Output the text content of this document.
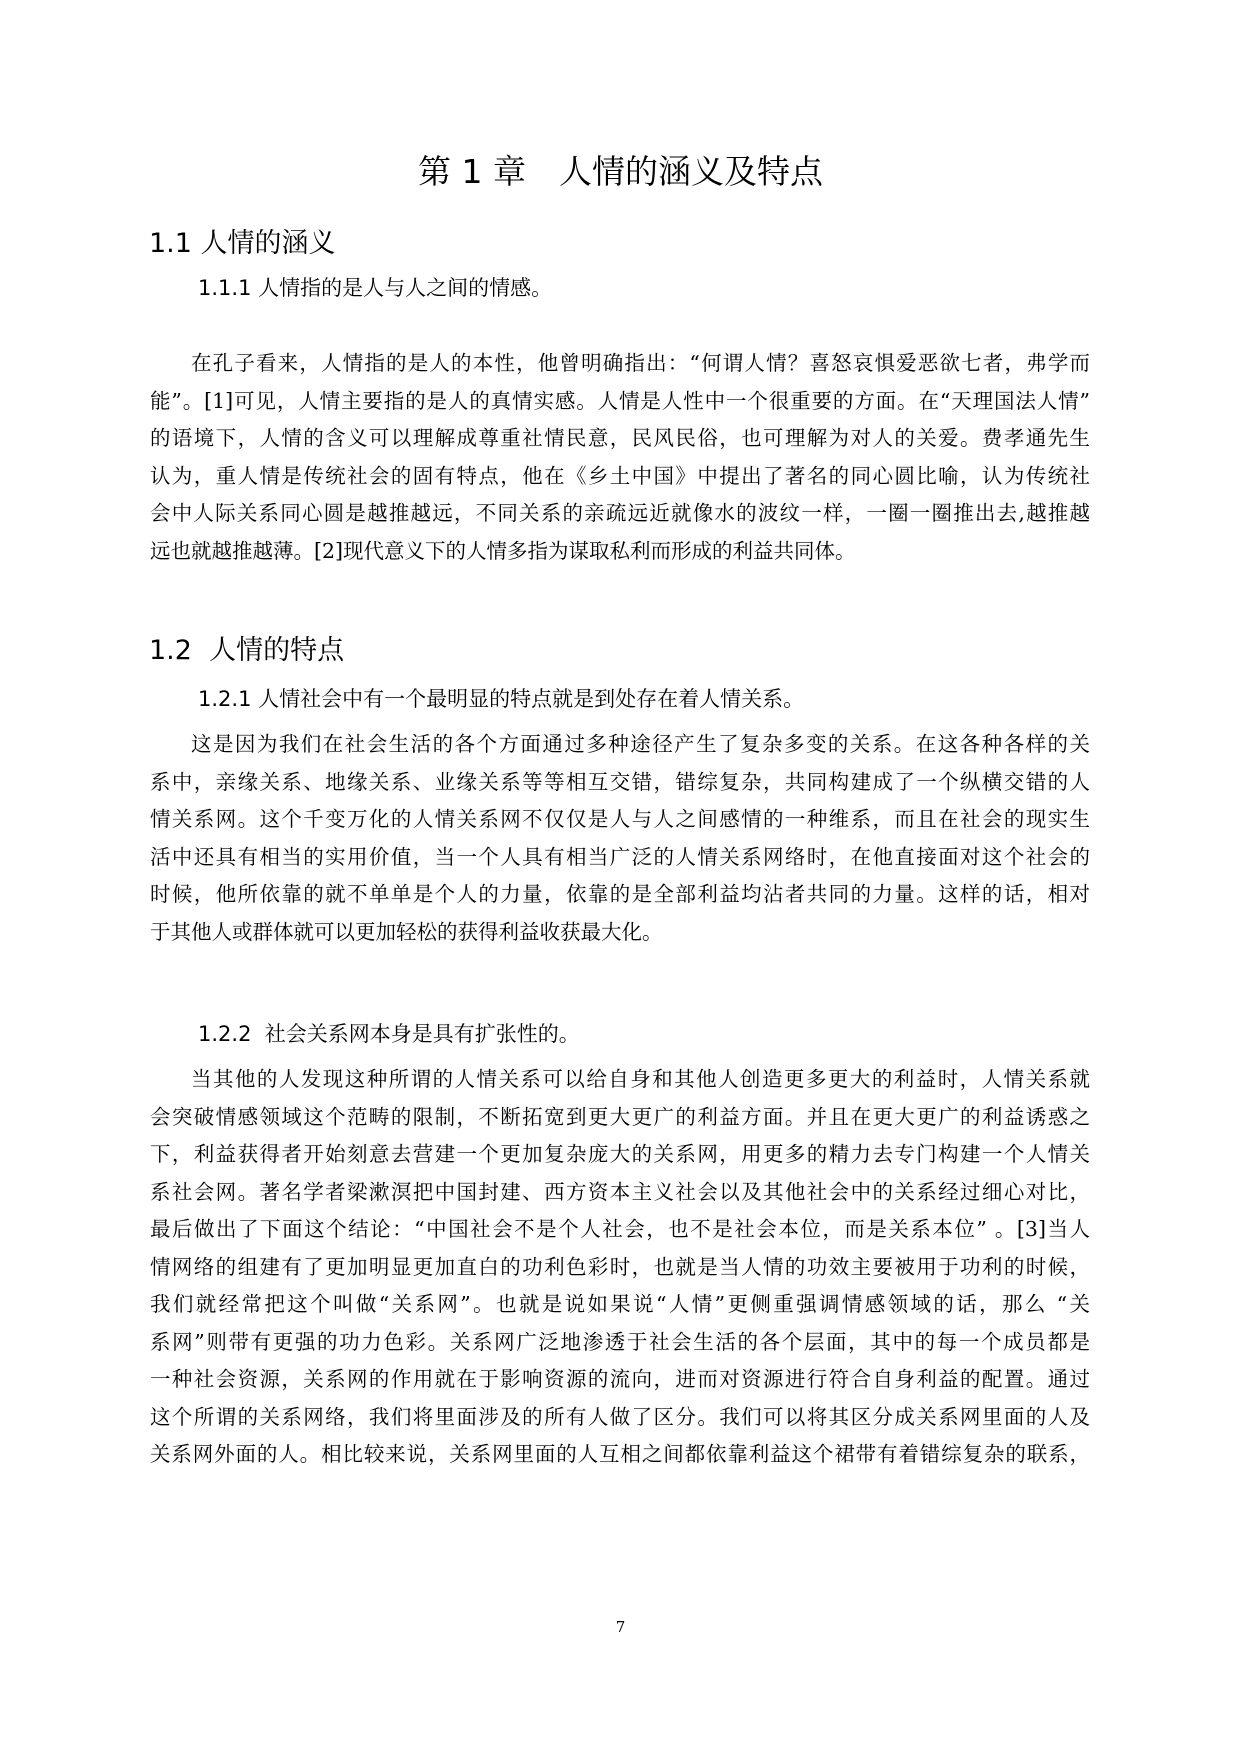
第 1 章　人情的涵义及特点
1.1 人情的涵义
1.1.1 人情指的是人与人之间的情感。
在孔子看来，人情指的是人的本性，他曾明确指出：“何谓人情？喜怒哀惧爱恶欲七者，弗学而
能”。[1]可见，人情主要指的是人的真情实感。人情是人性中一个很重要的方面。在“天理国法人情”
的语境下，人情的含义可以理解成尊重社情民意，民风民俗，也可理解为对人的关爱。费孝通先生
认为，重人情是传统社会的固有特点，他在《乡土中国》中提出了著名的同心圆比喻，认为传统社
会中人际关系同心圆是越推越远，不同关系的亲疏远近就像水的波纹一样，一圈一圈推出去,越推越
远也就越推越薄。[2]现代意义下的人情多指为谋取私利而形成的利益共同体。
1.2  人情的特点
1.2.1 人情社会中有一个最明显的特点就是到处存在着人情关系。
这是因为我们在社会生活的各个方面通过多种途径产生了复杂多变的关系。在这各种各样的关
系中，亲缘关系、地缘关系、业缘关系等等相互交错，错综复杂，共同构建成了一个纵横交错的人
情关系网。这个千变万化的人情关系网不仅仅是人与人之间感情的一种维系，而且在社会的现实生
活中还具有相当的实用价值，当一个人具有相当广泛的人情关系网络时，在他直接面对这个社会的
时候，他所依靠的就不单单是个人的力量，依靠的是全部利益均沾者共同的力量。这样的话，相对
于其他人或群体就可以更加轻松的获得利益收获最大化。
1.2.2  社会关系网本身是具有扩张性的。
当其他的人发现这种所谓的人情关系可以给自身和其他人创造更多更大的利益时，人情关系就
会突破情感领域这个范畴的限制，不断拓宽到更大更广的利益方面。并且在更大更广的利益诱惑之
下，利益获得者开始刻意去营建一个更加复杂庞大的关系网，用更多的精力去专门构建一个人情关
系社会网。著名学者梁漱溟把中国封建、西方资本主义社会以及其他社会中的关系经过细心对比，
最后做出了下面这个结论：“中国社会不是个人社会，也不是社会本位，而是关系本位” 。[3]当人
情网络的组建有了更加明显更加直白的功利色彩时，也就是当人情的功效主要被用于功利的时候，
我们就经常把这个叫做“关系网”。也就是说如果说“人情”更侧重强调情感领域的话，那么 “关
系网”则带有更强的功力色彩。关系网广泛地渗透于社会生活的各个层面，其中的每一个成员都是
一种社会资源，关系网的作用就在于影响资源的流向，进而对资源进行符合自身利益的配置。通过
这个所谓的关系网络，我们将里面涉及的所有人做了区分。我们可以将其区分成关系网里面的人及
关系网外面的人。相比较来说，关系网里面的人互相之间都依靠利益这个裙带有着错综复杂的联系，
7
